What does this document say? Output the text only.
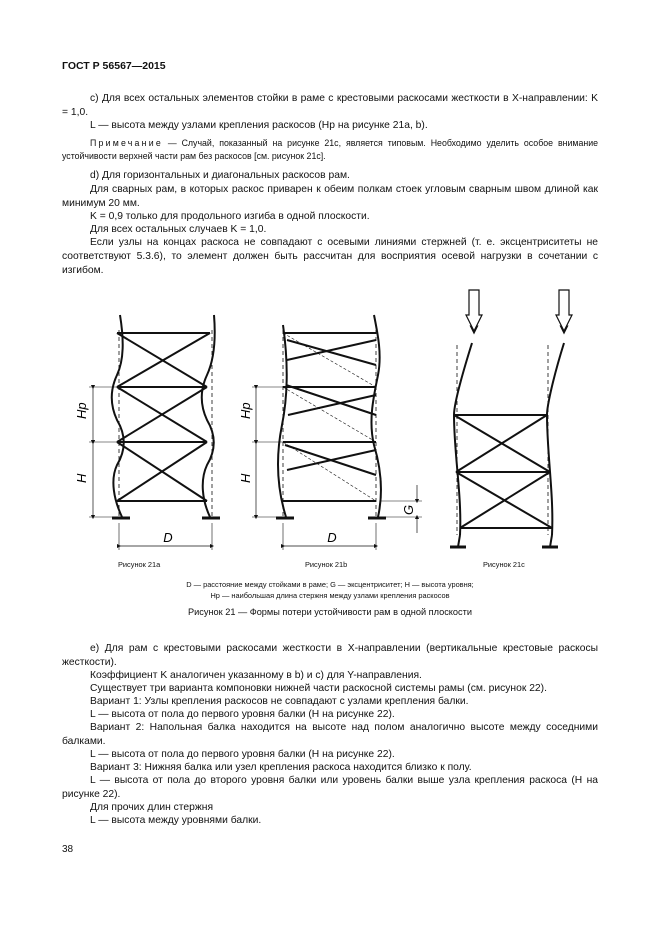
ГОСТ Р 56567—2015

с) Для всех остальных элементов стойки в раме с крестовыми раскосами жесткости в X-направлении: K = 1,0.

L — высота между узлами крепления раскосов (Hp на рисунке 21а, b).

Примечание — Случай, показанный на рисунке 21с, является типовым. Необходимо уделить особое внимание устойчивости верхней части рам без раскосов [см. рисунок 21с].

d) Для горизонтальных и диагональных раскосов рам.

Для сварных рам, в которых раскос приварен к обеим полкам стоек угловым сварным швом длиной как минимум 20 мм.

K = 0,9 только для продольного изгиба в одной плоскости.

Для всех остальных случаев K = 1,0.

Если узлы на концах раскоса не совпадают с осевыми линиями стержней (т. е. эксцентриситеты не соответствуют 5.3.6), то элемент должен быть рассчитан для восприятия осевой нагрузки в сочетании с изгибом.

Hp
H
D
Hp
H
D
G
Рисунок 21а	Рисунок 21b	Рисунок 21с
D — расстояние между стойками в раме; G — эксцентриситет; H — высота уровня;
Hp — наибольшая длина стержня между узлами крепления раскосов
Рисунок 21 — Формы потери устойчивости рам в одной плоскости

е) Для рам с крестовыми раскосами жесткости в X-направлении (вертикальные крестовые раскосы жесткости).

Коэффициент K аналогичен указанному в b) и с) для Y-направления.

Существует три варианта компоновки нижней части раскосной системы рамы (см. рисунок 22).

Вариант 1: Узлы крепления раскосов не совпадают с узлами крепления балки.

L — высота от пола до первого уровня балки (H на рисунке 22).

Вариант 2: Напольная балка находится на высоте над полом аналогично высоте между соседними балками.

L — высота от пола до первого уровня балки (H на рисунке 22).

Вариант 3: Нижняя балка или узел крепления раскоса находится близко к полу.

L — высота от пола до второго уровня балки или уровень балки выше узла крепления раскоса (H на рисунке 22).

Для прочих длин стержня

L — высота между уровнями балки.

38
